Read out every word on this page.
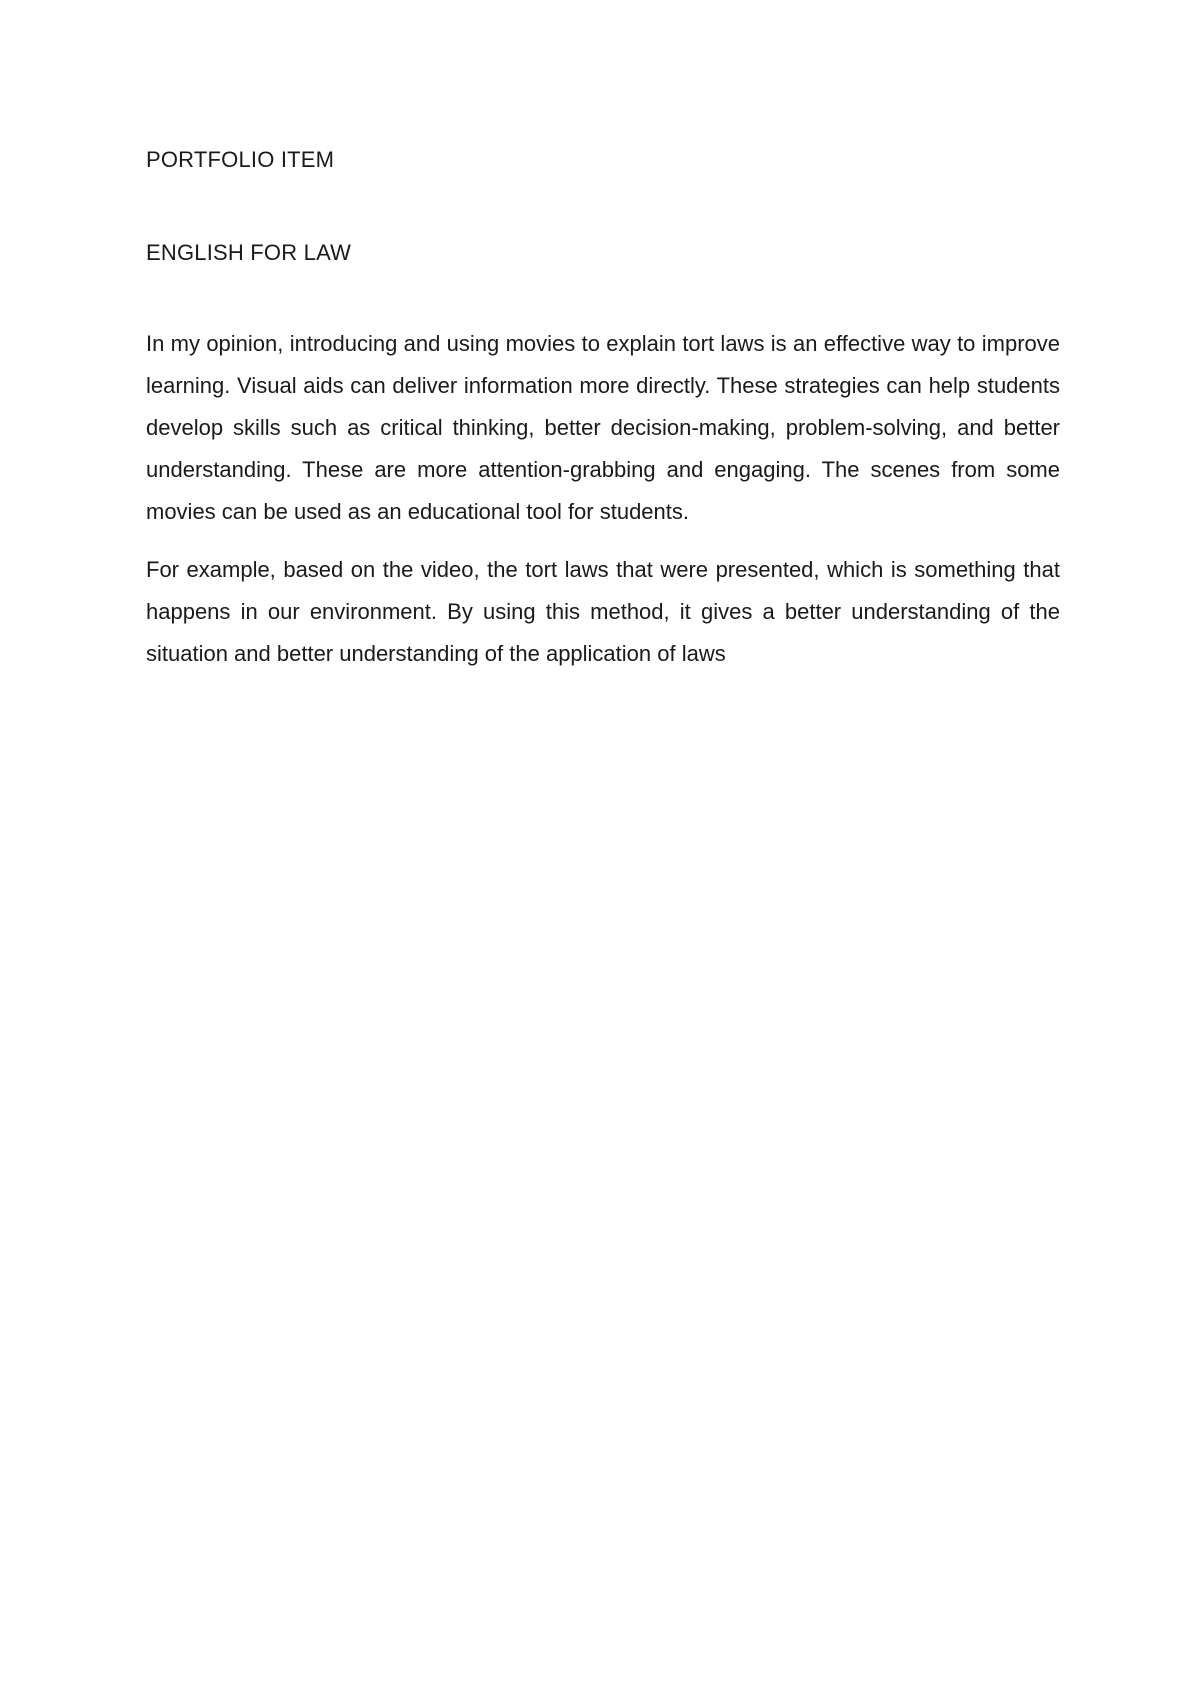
PORTFOLIO ITEM

ENGLISH FOR LAW

In my opinion, introducing and using movies to explain tort laws is an effective way to improve learning. Visual aids can deliver information more directly. These strategies can help students develop skills such as critical thinking, better decision-making, problem-solving, and better understanding. These are more attention-grabbing and engaging. The scenes from some movies can be used as an educational tool for students.

For example, based on the video, the tort laws that were presented, which is something that happens in our environment. By using this method, it gives a better understanding of the situation and better understanding of the application of laws
